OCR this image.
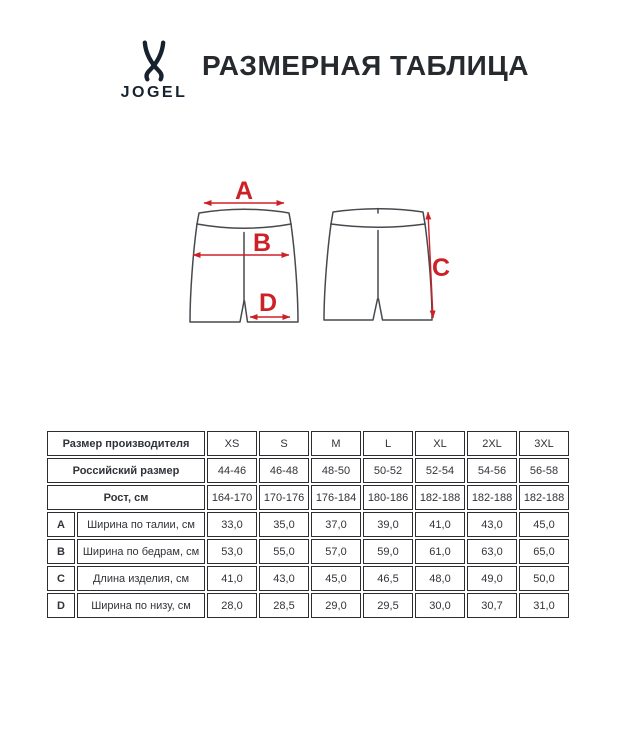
JOGEL
РАЗМЕРНАЯ ТАБЛИЦА
A
B
D
C
Размер производителя		XS	S	M	L	XL	2XL	3XL
Российский размер		44-46	46-48	48-50	50-52	52-54	54-56	56-58
Рост, см		164-170	170-176	176-184	180-186	182-188	182-188	182-188
A	Ширина по талии, см	33,0	35,0	37,0	39,0	41,0	43,0	45,0
B	Ширина по бедрам, см	53,0	55,0	57,0	59,0	61,0	63,0	65,0
C	Длина изделия, см	41,0	43,0	45,0	46,5	48,0	49,0	50,0
D	Ширина по низу, см	28,0	28,5	29,0	29,5	30,0	30,7	31,0
